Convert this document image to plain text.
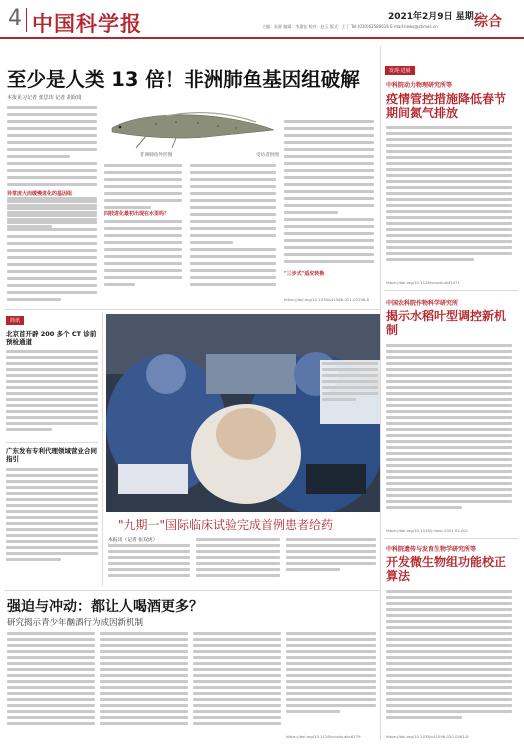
4 中国科学报	2021年2月9日 星期二
主编：朱源 编辑：李惠钰 校对：赵玉 版式：王丁 Tel:(010)62580616 E-mail:news@stimes.cn	综合
至少是人类 13 倍！非洲肺鱼基因组破解
本报见习记者 张思玮 记者 胡珉琦
非洲肺鱼外形图	受访者供图
异常庞大而缓慢进化的基因组
四肢进化最初出现在水里吗？
"三步式"适应转换
https://doi.org/10.1038/s41586-021-03198-8
发现·进展
中科院动力物理研究所等
疫情管控措施降低春节期间氮气排放
https://doi.org/10.1126/sciadv.abf1471
中国农科院作物科学研究所
揭示水稻叶型调控新机制
https://doi.org/10.1016/j.molp.2021.02.001
中科院遗传与发育生物学研究所等
开发微生物组功能校正算法
https://doi.org/10.1038/s41596-020-0461-8
简讯
北京首开辟 200 多个 CT 诊前预检通道
广东发布专利代理领域营业合同指引
"九期一"国际临床试验完成首例患者给药
本报讯（记者 张双虎）
强迫与冲动：都让人喝酒更多？
研究揭示青少年酗酒行为成因新机制
https://doi.org/10.1126/sciadv.abc6179
